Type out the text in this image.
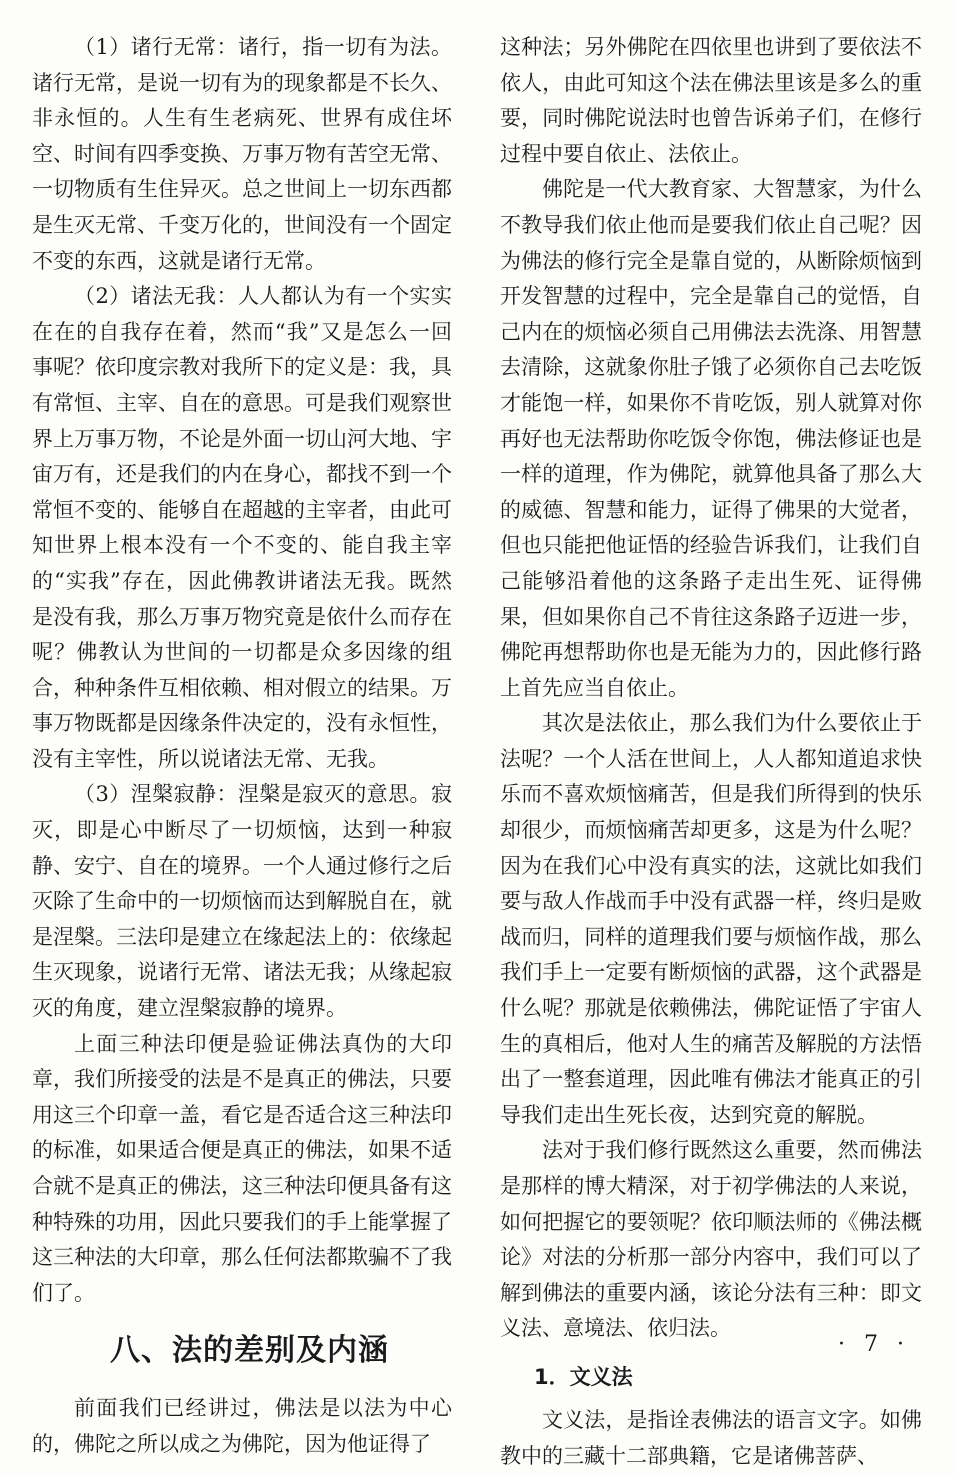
（1）诸行无常：诸行，指一切有为法。诸行无常，是说一切有为的现象都是不长久、非永恒的。人生有生老病死、世界有成住坏空、时间有四季变换、万事万物有苦空无常、一切物质有生住异灭。总之世间上一切东西都是生灭无常、千变万化的，世间没有一个固定不变的东西，这就是诸行无常。

（2）诸法无我：人人都认为有一个实实在在的自我存在着，然而“我”又是怎么一回事呢？依印度宗教对我所下的定义是：我，具有常恒、主宰、自在的意思。可是我们观察世界上万事万物，不论是外面一切山河大地、宇宙万有，还是我们的内在身心，都找不到一个常恒不变的、能够自在超越的主宰者，由此可知世界上根本没有一个不变的、能自我主宰的“实我”存在，因此佛教讲诸法无我。既然是没有我，那么万事万物究竟是依什么而存在呢？佛教认为世间的一切都是众多因缘的组合，种种条件互相依赖、相对假立的结果。万事万物既都是因缘条件决定的，没有永恒性，没有主宰性，所以说诸法无常、无我。

（3）涅槃寂静：涅槃是寂灭的意思。寂灭，即是心中断尽了一切烦恼，达到一种寂静、安宁、自在的境界。一个人通过修行之后灭除了生命中的一切烦恼而达到解脱自在，就是涅槃。三法印是建立在缘起法上的：依缘起生灭现象，说诸行无常、诸法无我；从缘起寂灭的角度，建立涅槃寂静的境界。

上面三种法印便是验证佛法真伪的大印章，我们所接受的法是不是真正的佛法，只要用这三个印章一盖，看它是否适合这三种法印的标准，如果适合便是真正的佛法，如果不适合就不是真正的佛法，这三种法印便具备有这种特殊的功用，因此只要我们的手上能掌握了这三种法的大印章，那么任何法都欺骗不了我们了。

八、法的差别及内涵

前面我们已经讲过，佛法是以法为中心的，佛陀之所以成之为佛陀，因为他证得了

这种法；另外佛陀在四依里也讲到了要依法不依人，由此可知这个法在佛法里该是多么的重要，同时佛陀说法时也曾告诉弟子们，在修行过程中要自依止、法依止。

佛陀是一代大教育家、大智慧家，为什么不教导我们依止他而是要我们依止自己呢？因为佛法的修行完全是靠自觉的，从断除烦恼到开发智慧的过程中，完全是靠自己的觉悟，自己内在的烦恼必须自己用佛法去洗涤、用智慧去清除，这就象你肚子饿了必须你自己去吃饭才能饱一样，如果你不肯吃饭，别人就算对你再好也无法帮助你吃饭令你饱，佛法修证也是一样的道理，作为佛陀，就算他具备了那么大的威德、智慧和能力，证得了佛果的大觉者，但也只能把他证悟的经验告诉我们，让我们自己能够沿着他的这条路子走出生死、证得佛果，但如果你自己不肯往这条路子迈进一步，佛陀再想帮助你也是无能为力的，因此修行路上首先应当自依止。

其次是法依止，那么我们为什么要依止于法呢？一个人活在世间上，人人都知道追求快乐而不喜欢烦恼痛苦，但是我们所得到的快乐却很少，而烦恼痛苦却更多，这是为什么呢？因为在我们心中没有真实的法，这就比如我们要与敌人作战而手中没有武器一样，终归是败战而归，同样的道理我们要与烦恼作战，那么我们手上一定要有断烦恼的武器，这个武器是什么呢？那就是依赖佛法，佛陀证悟了宇宙人生的真相后，他对人生的痛苦及解脱的方法悟出了一整套道理，因此唯有佛法才能真正的引导我们走出生死长夜，达到究竟的解脱。

法对于我们修行既然这么重要，然而佛法是那样的博大精深，对于初学佛法的人来说，如何把握它的要领呢？依印顺法师的《佛法概论》对法的分析那一部分内容中，我们可以了解到佛法的重要内涵，该论分法有三种：即文义法、意境法、依归法。

1．文义法

文义法，是指诠表佛法的语言文字。如佛教中的三藏十二部典籍，它是诸佛菩萨、

· 7 ·
